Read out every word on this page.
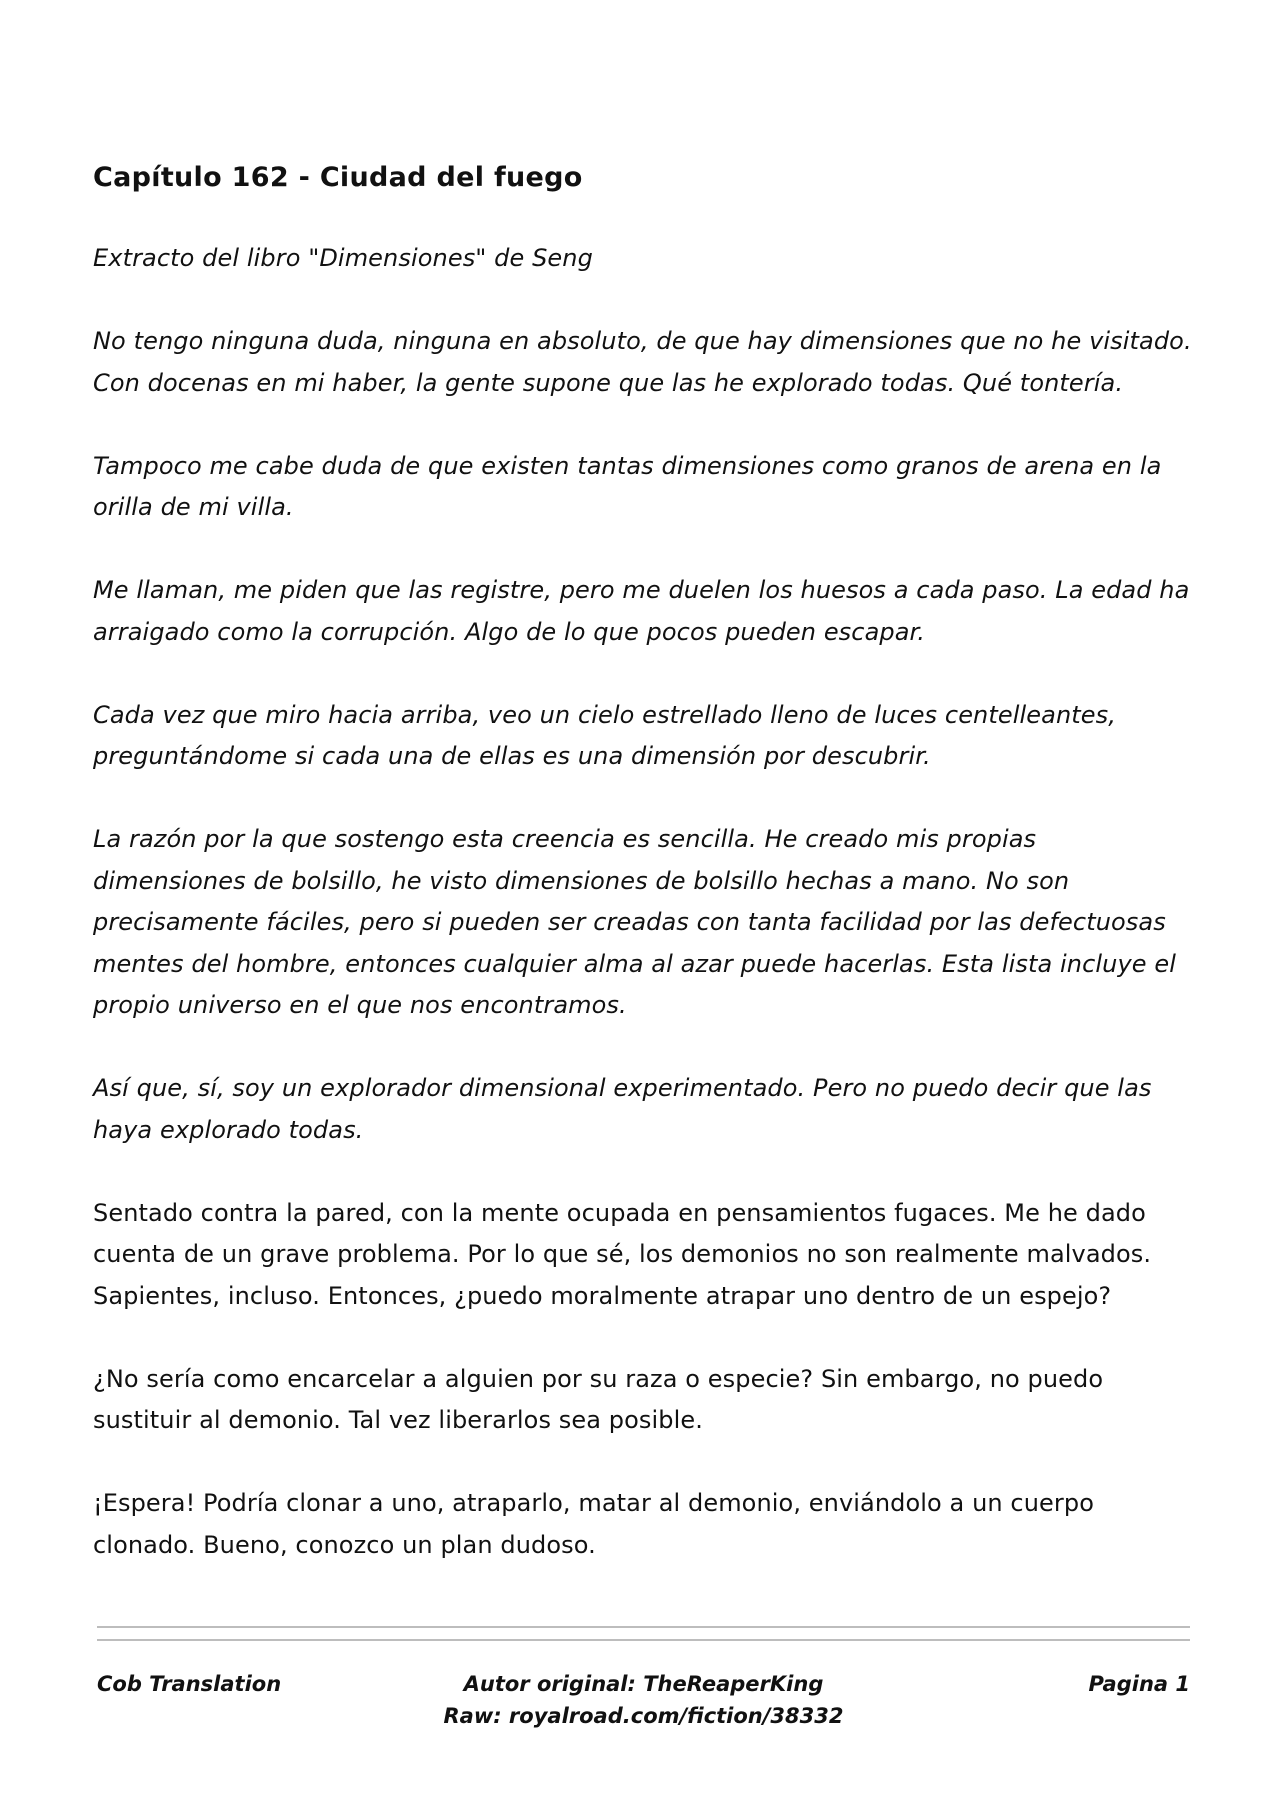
Capítulo 162 - Ciudad del fuego

Extracto del libro "Dimensiones" de Seng

No tengo ninguna duda, ninguna en absoluto, de que hay dimensiones que no he visitado. Con docenas en mi haber, la gente supone que las he explorado todas. Qué tontería.

Tampoco me cabe duda de que existen tantas dimensiones como granos de arena en la orilla de mi villa.

Me llaman, me piden que las registre, pero me duelen los huesos a cada paso. La edad ha arraigado como la corrupción. Algo de lo que pocos pueden escapar.

Cada vez que miro hacia arriba, veo un cielo estrellado lleno de luces centelleantes, preguntándome si cada una de ellas es una dimensión por descubrir.

La razón por la que sostengo esta creencia es sencilla. He creado mis propias dimensiones de bolsillo, he visto dimensiones de bolsillo hechas a mano. No son precisamente fáciles, pero si pueden ser creadas con tanta facilidad por las defectuosas mentes del hombre, entonces cualquier alma al azar puede hacerlas. Esta lista incluye el propio universo en el que nos encontramos.

Así que, sí, soy un explorador dimensional experimentado. Pero no puedo decir que las haya explorado todas.

Sentado contra la pared, con la mente ocupada en pensamientos fugaces. Me he dado cuenta de un grave problema. Por lo que sé, los demonios no son realmente malvados. Sapientes, incluso. Entonces, ¿puedo moralmente atrapar uno dentro de un espejo?

¿No sería como encarcelar a alguien por su raza o especie? Sin embargo, no puedo sustituir al demonio. Tal vez liberarlos sea posible.

¡Espera! Podría clonar a uno, atraparlo, matar al demonio, enviándolo a un cuerpo clonado. Bueno, conozco un plan dudoso.

Autor original: TheReaperKing
Raw: royalroad.com/fiction/38332
Cob Translation	Pagina 1
